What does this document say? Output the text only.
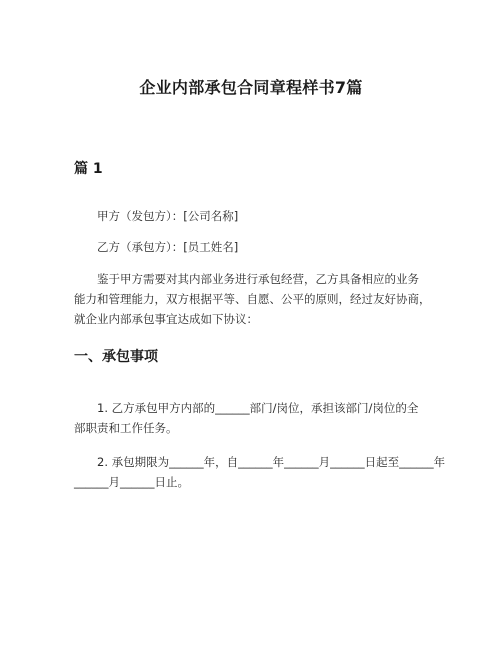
企业内部承包合同章程样书7篇
篇 1
甲方（发包方）：[公司名称]
乙方（承包方）：[员工姓名]
鉴于甲方需要对其内部业务进行承包经营，乙方具备相应的业务
能力和管理能力，双方根据平等、自愿、公平的原则，经过友好协商，
就企业内部承包事宜达成如下协议：
一、承包事项
1. 乙方承包甲方内部的______部门/岗位，承担该部门/岗位的全
部职责和工作任务。
2. 承包期限为______年，自______年______月______日起至______年
______月______日止。
